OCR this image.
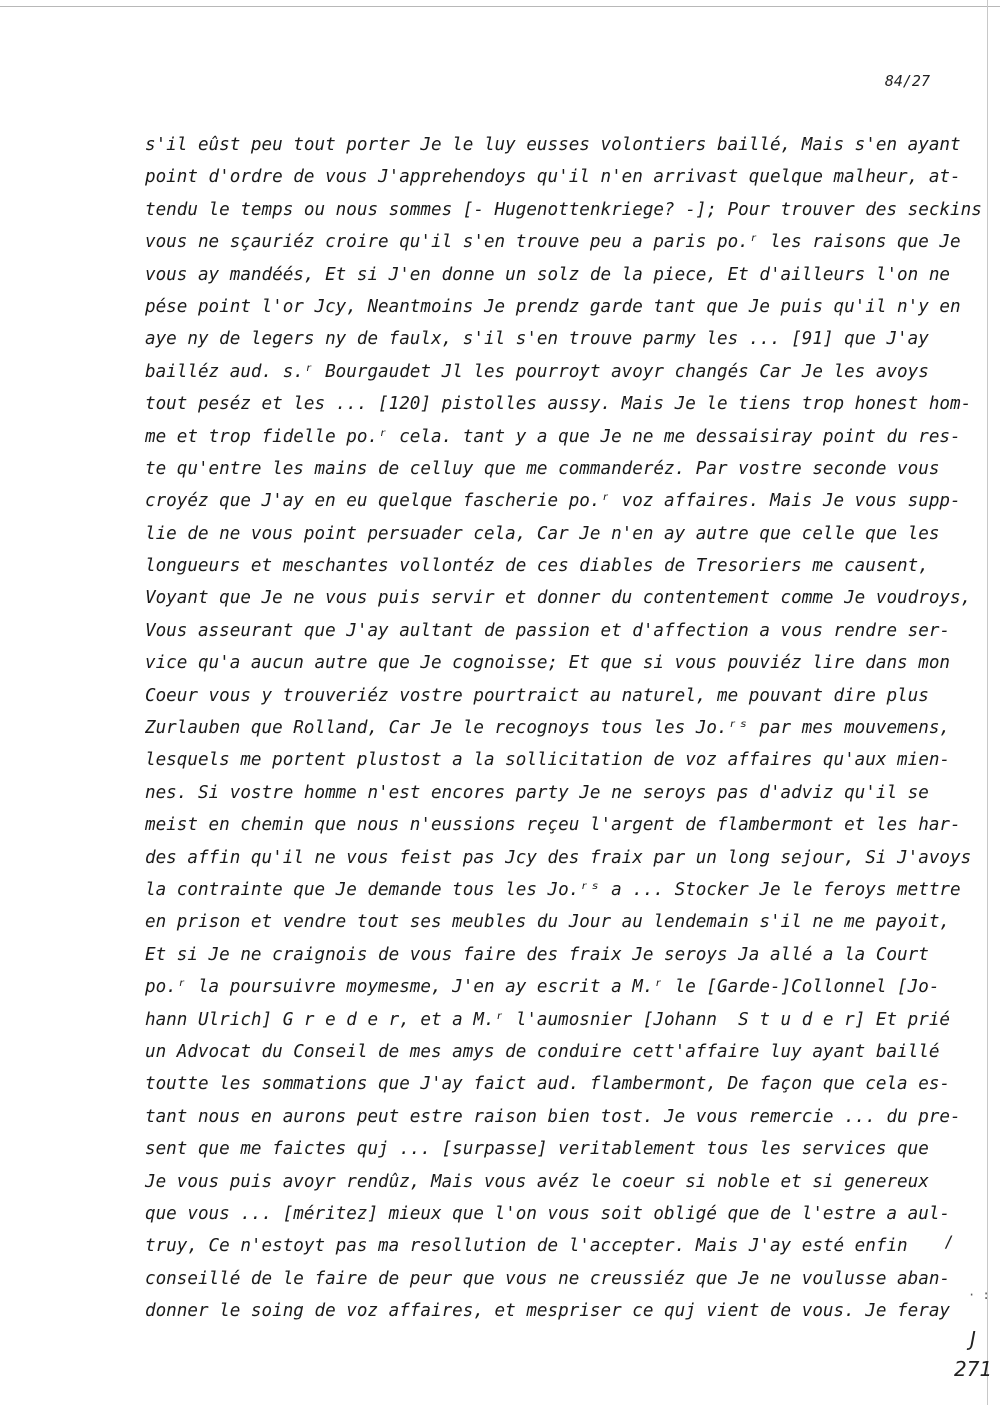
84/27
s'il eûst peu tout porter Je le luy eusses volontiers baillé, Mais s'en ayant
point d'ordre de vous J'apprehendoys qu'il n'en arrivast quelque malheur, at-
tendu le temps ou nous sommes [- Hugenottenkriege? -]; Pour trouver des seckins
vous ne sçauriéz croire qu'il s'en trouve peu a paris po.ʳ les raisons que Je
vous ay mandéés, Et si J'en donne un solz de la piece, Et d'ailleurs l'on ne
pése point l'or Jcy, Neantmoins Je prendz garde tant que Je puis qu'il n'y en
aye ny de legers ny de faulx, s'il s'en trouve parmy les ... [91] que J'ay
bailléz aud. s.ʳ Bourgaudet Jl les pourroyt avoyr changés Car Je les avoys
tout peséz et les ... [120] pistolles aussy. Mais Je le tiens trop honest hom-
me et trop fidelle po.ʳ cela. tant y a que Je ne me dessaisiray point du res-
te qu'entre les mains de celluy que me commanderéz. Par vostre seconde vous
croyéz que J'ay en eu quelque fascherie po.ʳ voz affaires. Mais Je vous supp-
lie de ne vous point persuader cela, Car Je n'en ay autre que celle que les
longueurs et meschantes vollontéz de ces diables de Tresoriers me causent,
Voyant que Je ne vous puis servir et donner du contentement comme Je voudroys,
Vous asseurant que J'ay aultant de passion et d'affection a vous rendre ser-
vice qu'a aucun autre que Je cognoisse; Et que si vous pouviéz lire dans mon
Coeur vous y trouveriéz vostre pourtraict au naturel, me pouvant dire plus
Zurlauben que Rolland, Car Je le recognoys tous les Jo.ʳˢ par mes mouvemens,
lesquels me portent plustost a la sollicitation de voz affaires qu'aux mien-
nes. Si vostre homme n'est encores party Je ne seroys pas d'adviz qu'il se
meist en chemin que nous n'eussions reçeu l'argent de flambermont et les har-
des affin qu'il ne vous feist pas Jcy des fraix par un long sejour, Si J'avoys
la contrainte que Je demande tous les Jo.ʳˢ a ... Stocker Je le feroys mettre
en prison et vendre tout ses meubles du Jour au lendemain s'il ne me payoit,
Et si Je ne craignois de vous faire des fraix Je seroys Ja allé a la Court
po.ʳ la poursuivre moymesme, J'en ay escrit a M.ʳ le [Garde-]Collonnel [Jo-
hann Ulrich] G r e d e r, et a M.ʳ l'aumosnier [Johann  S t u d e r] Et prié
un Advocat du Conseil de mes amys de conduire cett'affaire luy ayant baillé
toutte les sommations que J'ay faict aud. flambermont, De façon que cela es-
tant nous en aurons peut estre raison bien tost. Je vous remercie ... du pre-
sent que me faictes quj ... [surpasse] veritablement tous les services que
Je vous puis avoyr rendûz, Mais vous avéz le coeur si noble et si genereux
que vous ... [méritez] mieux que l'on vous soit obligé que de l'estre a aul-
truy, Ce n'estoyt pas ma resollution de l'accepter. Mais J'ay esté enfin
conseillé de le faire de peur que vous ne creussiéz que Je ne voulusse aban-
donner le soing de voz affaires, et mespriser ce quj vient de vous. Je feray
/
· :
J
271
